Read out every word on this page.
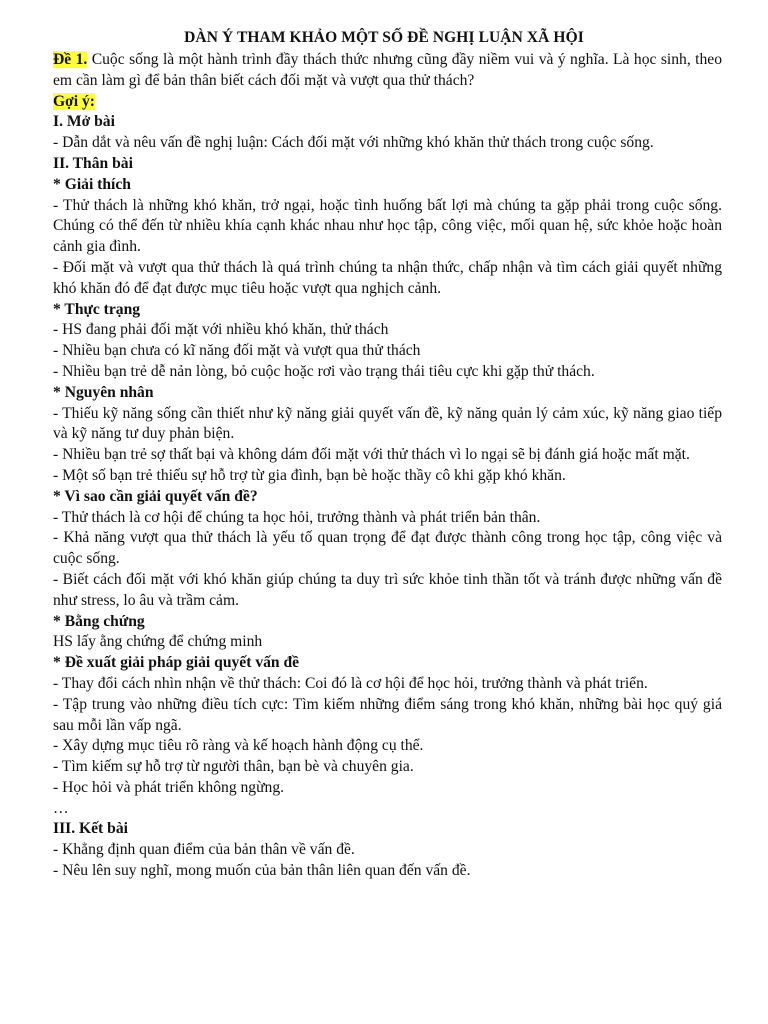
DÀN Ý THAM KHẢO MỘT SỐ ĐỀ NGHỊ LUẬN XÃ HỘI

Đề 1. Cuộc sống là một hành trình đầy thách thức nhưng cũng đầy niềm vui và ý nghĩa. Là học sinh, theo em cần làm gì để bản thân biết cách đối mặt và vượt qua thử thách?

Gợi ý:

I. Mở bài

- Dẫn dắt và nêu vấn đề nghị luận: Cách đối mặt với những khó khăn thử thách trong cuộc sống.

II. Thân bài

* Giải thích

- Thử thách là những khó khăn, trở ngại, hoặc tình huống bất lợi mà chúng ta gặp phải trong cuộc sống. Chúng có thể đến từ nhiều khía cạnh khác nhau như học tập, công việc, mối quan hệ, sức khỏe hoặc hoàn cảnh gia đình.

- Đối mặt và vượt qua thử thách là quá trình chúng ta nhận thức, chấp nhận và tìm cách giải quyết những khó khăn đó để đạt được mục tiêu hoặc vượt qua nghịch cảnh.

* Thực trạng

- HS đang phải đối mặt với nhiều khó khăn, thử thách

- Nhiều bạn chưa có kĩ năng đối mặt và vượt qua thử thách

- Nhiều bạn trẻ dễ nản lòng, bỏ cuộc hoặc rơi vào trạng thái tiêu cực khi gặp thử thách.

* Nguyên nhân

- Thiếu kỹ năng sống cần thiết như kỹ năng giải quyết vấn đề, kỹ năng quản lý cảm xúc, kỹ năng giao tiếp và kỹ năng tư duy phản biện.

- Nhiều bạn trẻ sợ thất bại và không dám đối mặt với thử thách vì lo ngại sẽ bị đánh giá hoặc mất mặt.

- Một số bạn trẻ thiếu sự hỗ trợ từ gia đình, bạn bè hoặc thầy cô khi gặp khó khăn.

* Vì sao cần giải quyết vấn đề?

- Thử thách là cơ hội để chúng ta học hỏi, trưởng thành và phát triển bản thân.

- Khả năng vượt qua thử thách là yếu tố quan trọng để đạt được thành công trong học tập, công việc và cuộc sống.

- Biết cách đối mặt với khó khăn giúp chúng ta duy trì sức khỏe tinh thần tốt và tránh được những vấn đề như stress, lo âu và trầm cảm.

* Bằng chứng

HS lấy ằng chứng để chứng minh

* Đề xuất giải pháp giải quyết vấn đề

- Thay đổi cách nhìn nhận về thử thách: Coi đó là cơ hội để học hỏi, trưởng thành và phát triển.

- Tập trung vào những điều tích cực: Tìm kiếm những điểm sáng trong khó khăn, những bài học quý giá sau mỗi lần vấp ngã.

- Xây dựng mục tiêu rõ ràng và kế hoạch hành động cụ thể.

- Tìm kiếm sự hỗ trợ từ người thân, bạn bè và chuyên gia.

- Học hỏi và phát triển không ngừng.

…

III. Kết bài

- Khẳng định quan điểm của bản thân về vấn đề.

- Nêu lên suy nghĩ, mong muốn của bản thân liên quan đến vấn đề.
